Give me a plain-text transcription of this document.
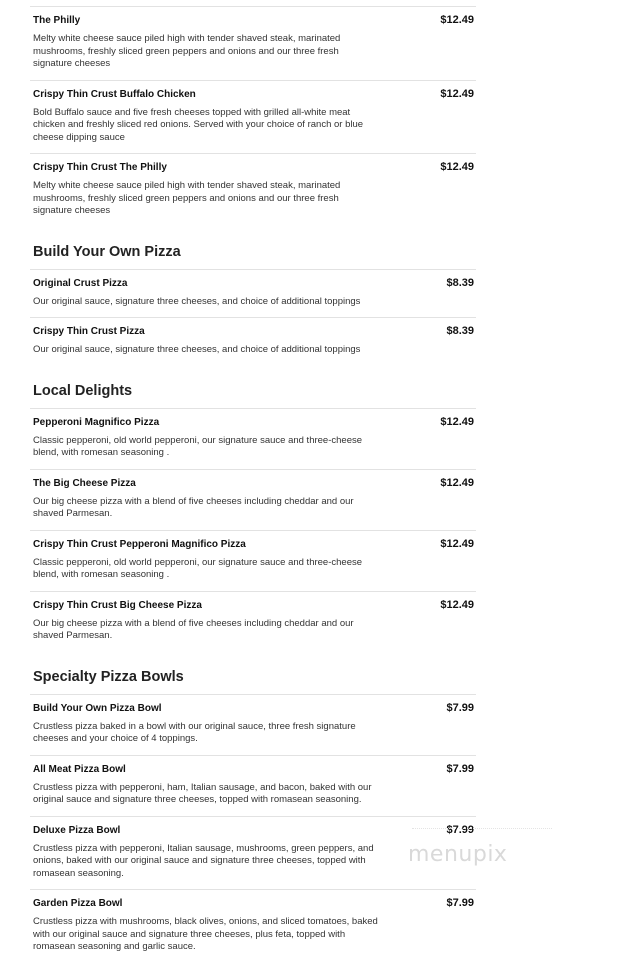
The Philly	$12.49
Melty white cheese sauce piled high with tender shaved steak, marinated mushrooms, freshly sliced green peppers and onions and our three fresh signature cheeses
Crispy Thin Crust Buffalo Chicken	$12.49
Bold Buffalo sauce and five fresh cheeses topped with grilled all-white meat chicken and freshly sliced red onions. Served with your choice of ranch or blue cheese dipping sauce
Crispy Thin Crust The Philly	$12.49
Melty white cheese sauce piled high with tender shaved steak, marinated mushrooms, freshly sliced green peppers and onions and our three fresh signature cheeses
Build Your Own Pizza
Original Crust Pizza	$8.39
Our original sauce, signature three cheeses, and choice of additional toppings
Crispy Thin Crust Pizza	$8.39
Our original sauce, signature three cheeses, and choice of additional toppings
Local Delights
Pepperoni Magnifico Pizza	$12.49
Classic pepperoni, old world pepperoni, our signature sauce and three-cheese blend, with romesan seasoning .
The Big Cheese Pizza	$12.49
Our big cheese pizza with a blend of five cheeses including cheddar and our shaved Parmesan.
Crispy Thin Crust Pepperoni Magnifico Pizza	$12.49
Classic pepperoni, old world pepperoni, our signature sauce and three-cheese blend, with romesan seasoning .
Crispy Thin Crust Big Cheese Pizza	$12.49
Our big cheese pizza with a blend of five cheeses including cheddar and our shaved Parmesan.
Specialty Pizza Bowls
Build Your Own Pizza Bowl	$7.99
Crustless pizza baked in a bowl with our original sauce, three fresh signature cheeses and your choice of 4 toppings.
All Meat Pizza Bowl	$7.99
Crustless pizza with pepperoni, ham, Italian sausage, and bacon, baked with our original sauce and signature three cheeses, topped with romasean seasoning.
Deluxe Pizza Bowl	$7.99
Crustless pizza with pepperoni, Italian sausage, mushrooms, green peppers, and onions, baked with our original sauce and signature three cheeses, topped with romasean seasoning.
Garden Pizza Bowl	$7.99
Crustless pizza with mushrooms, black olives, onions, and sliced tomatoes, baked with our original sauce and signature three cheeses, plus feta, topped with romasean seasoning and garlic sauce.
menupix
